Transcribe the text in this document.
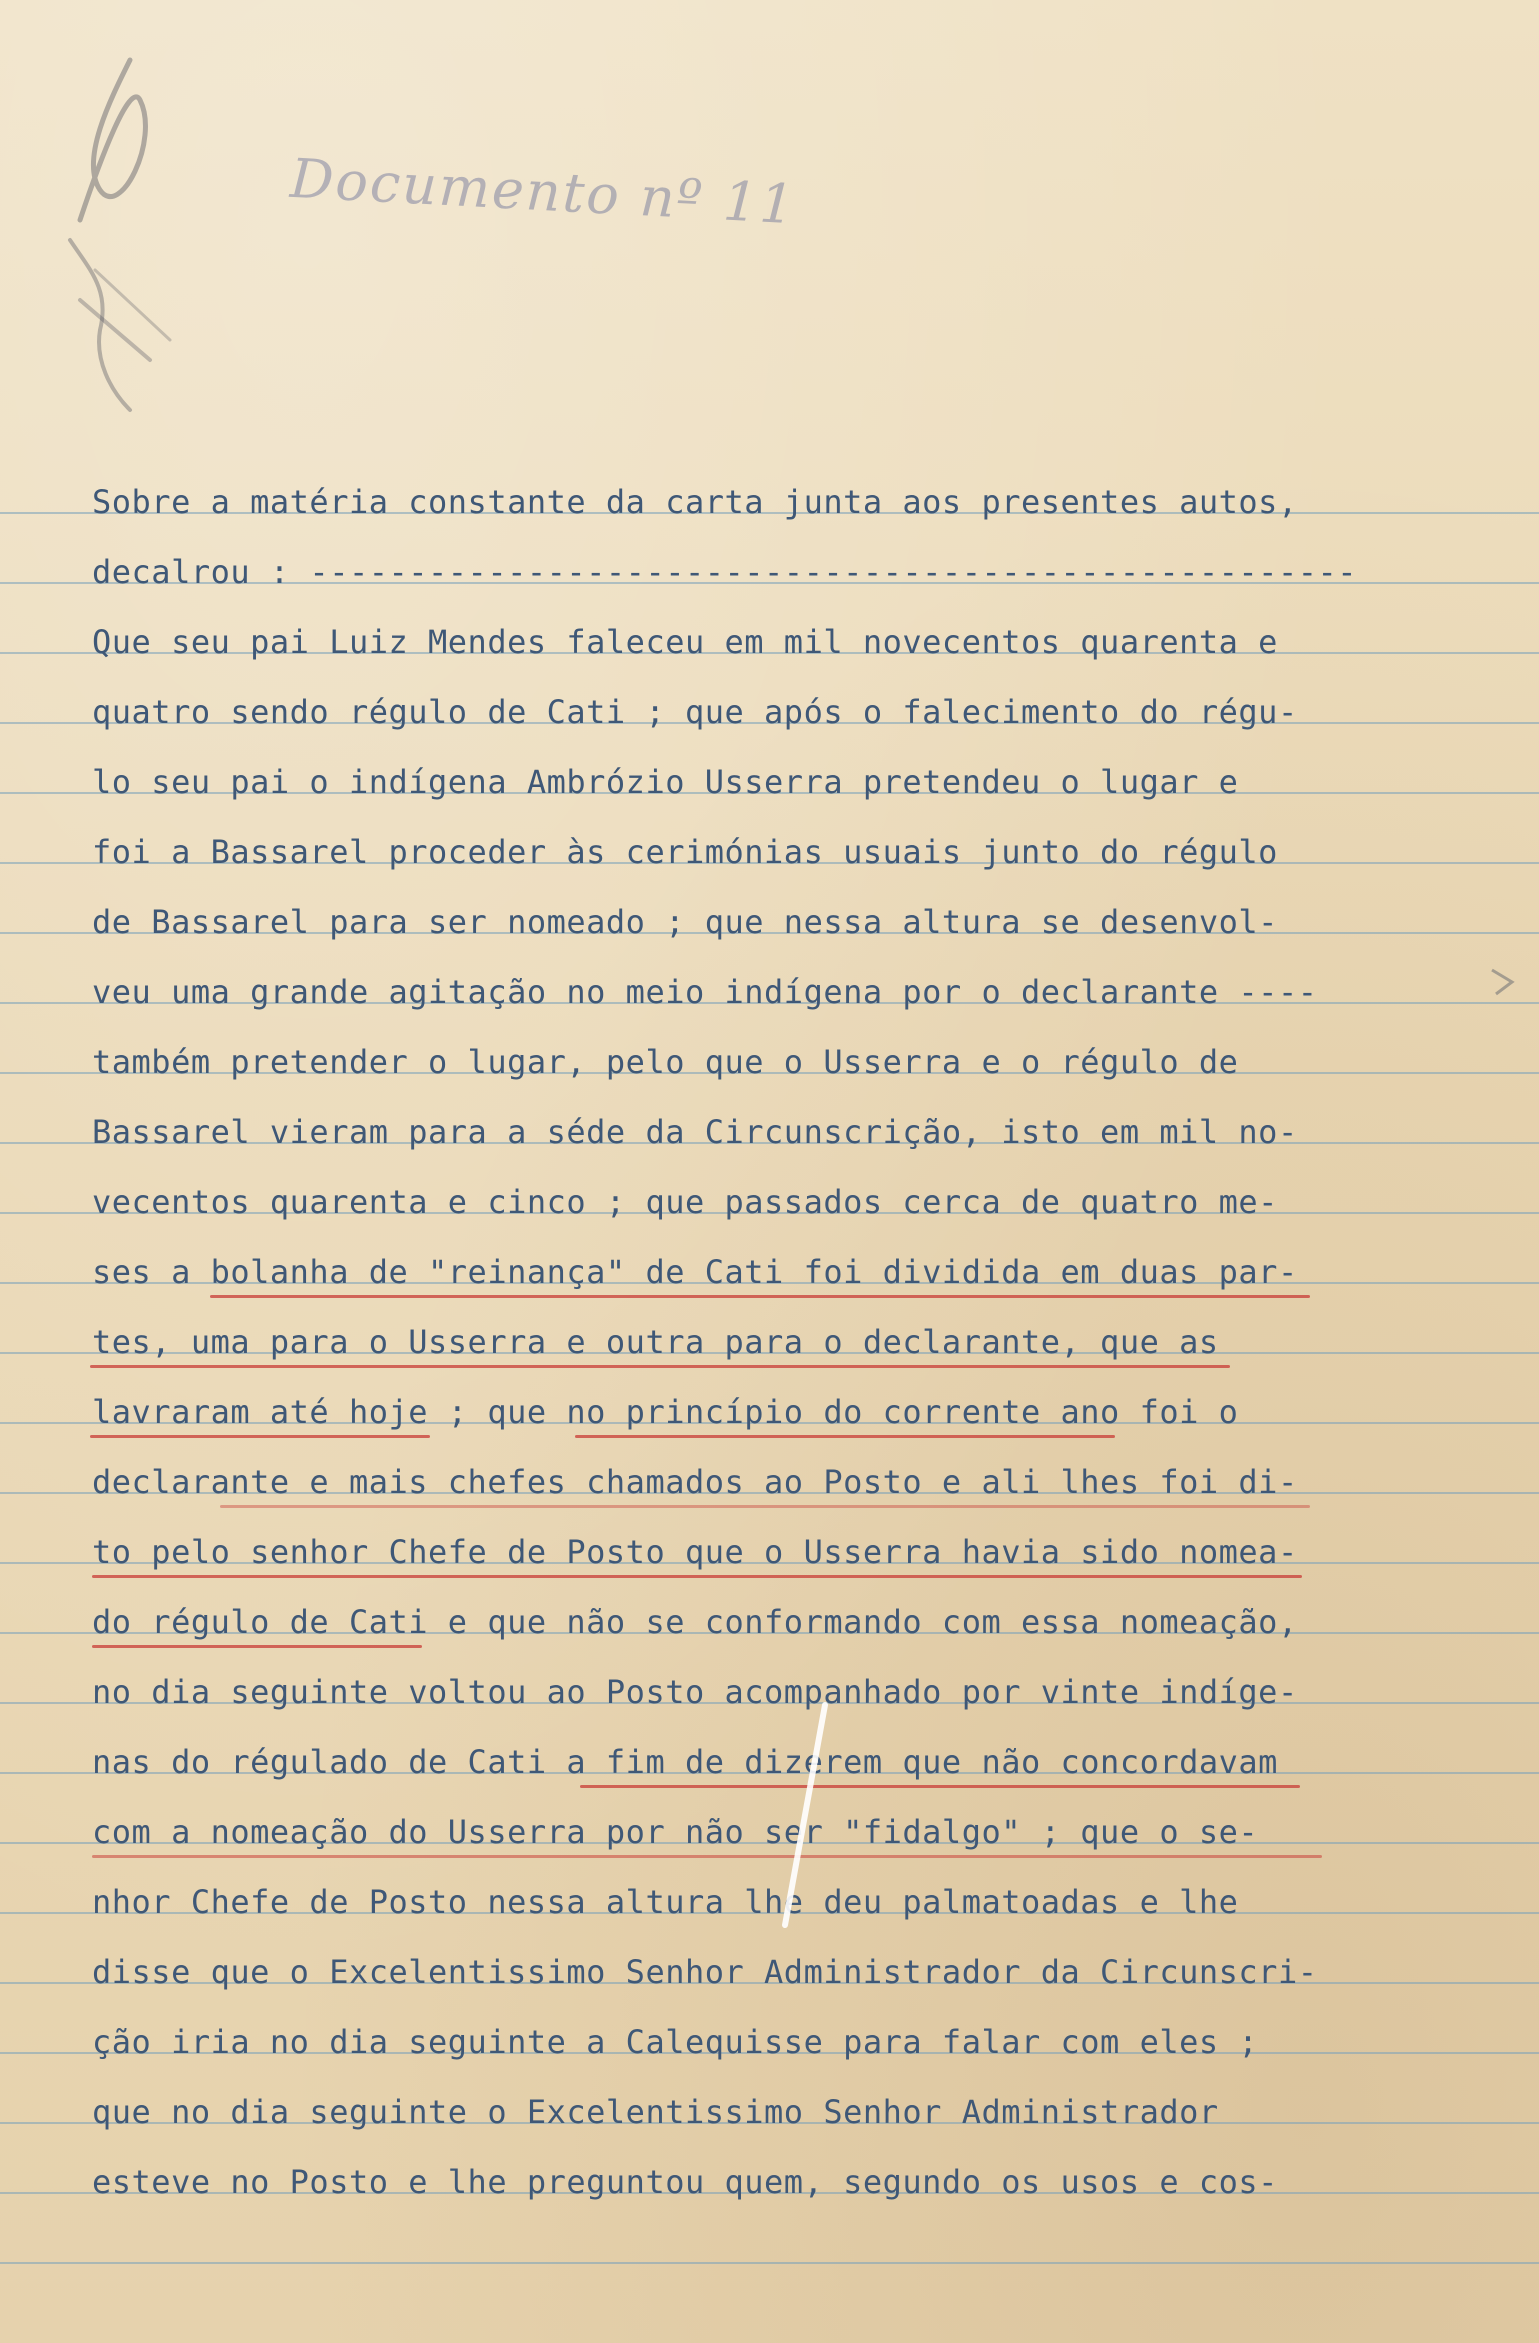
Documento nº 11
Sobre a matéria constante da carta junta aos presentes autos,
decalrou : -----------------------------------------------------
Que seu pai Luiz Mendes faleceu em mil novecentos quarenta e
quatro sendo régulo de Cati ; que após o falecimento do régu-
lo seu pai o indígena Ambrózio Usserra pretendeu o lugar e
foi a Bassarel proceder às cerimónias usuais junto do régulo
de Bassarel para ser nomeado ; que nessa altura se desenvol-
veu uma grande agitação no meio indígena por o declarante ----
também pretender o lugar, pelo que o Usserra e o régulo de
Bassarel vieram para a séde da Circunscrição, isto em mil no-
vecentos quarenta e cinco ; que passados cerca de quatro me-
ses a bolanha de "reinança" de Cati foi dividida em duas par-
tes, uma para o Usserra e outra para o declarante, que as
lavraram até hoje ; que no princípio do corrente ano foi o
declarante e mais chefes chamados ao Posto e ali lhes foi di-
to pelo senhor Chefe de Posto que o Usserra havia sido nomea-
do régulo de Cati e que não se conformando com essa nomeação,
no dia seguinte voltou ao Posto acompanhado por vinte indíge-
nas do régulado de Cati a fim de dizerem que não concordavam
com a nomeação do Usserra por não ser "fidalgo" ; que o se-
nhor Chefe de Posto nessa altura lhe deu palmatoadas e lhe
disse que o Excelentissimo Senhor Administrador da Circunscri-
ção iria no dia seguinte a Calequisse para falar com eles ;
que no dia seguinte o Excelentissimo Senhor Administrador
esteve no Posto e lhe preguntou quem, segundo os usos e cos-
